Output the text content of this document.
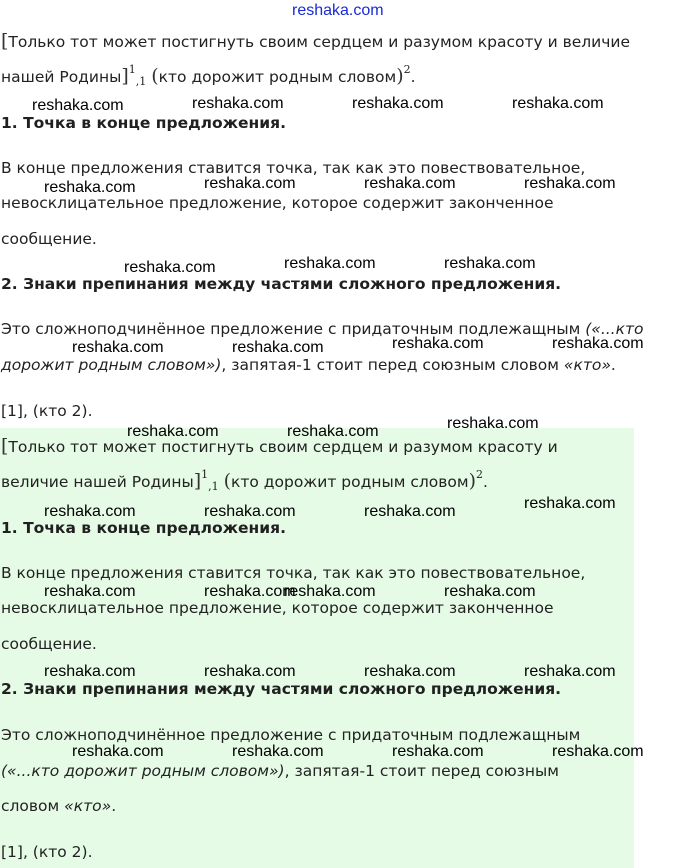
reshaka.com
[Только тот может постигнуть своим сердцем и разумом красоту и величие
нашей Родины]$^1$,1 (кто дорожит родным словом)$^2$.
1. Точка в конце предложения.
В конце предложения ставится точка, так как это повествовательное,
невосклицательное предложение, которое содержит законченное
сообщение.
2. Знаки препинания между частями сложного предложения.
Это сложноподчинённое предложение с придаточным подлежащным («...кто
дорожит родным словом»), запятая-1 стоит перед союзным словом «кто».
[1], (кто 2).
[Только тот может постигнуть своим сердцем и разумом красоту и
величие нашей Родины]$^1$,1 (кто дорожит родным словом)$^2$.
1. Точка в конце предложения.
В конце предложения ставится точка, так как это повествовательное,
невосклицательное предложение, которое содержит законченное
сообщение.
2. Знаки препинания между частями сложного предложения.
Это сложноподчинённое предложение с придаточным подлежащным
(«...кто дорожит родным словом»), запятая-1 стоит перед союзным
словом «кто».
[1], (кто 2).
reshaka.com	reshaka.com	reshaka.com	reshaka.com
reshaka.com	reshaka.com	reshaka.com	reshaka.com
reshaka.com	reshaka.com	reshaka.com
reshaka.com	reshaka.com	reshaka.com	reshaka.com
reshaka.com	reshaka.com	reshaka.com
reshaka.com	reshaka.com	reshaka.com	reshaka.com
reshaka.com	reshaka.com
reshaka.com	reshaka.com
reshaka.com	reshaka.com	reshaka.com	reshaka.com
reshaka.com	reshaka.com	reshaka.com	reshaka.com
